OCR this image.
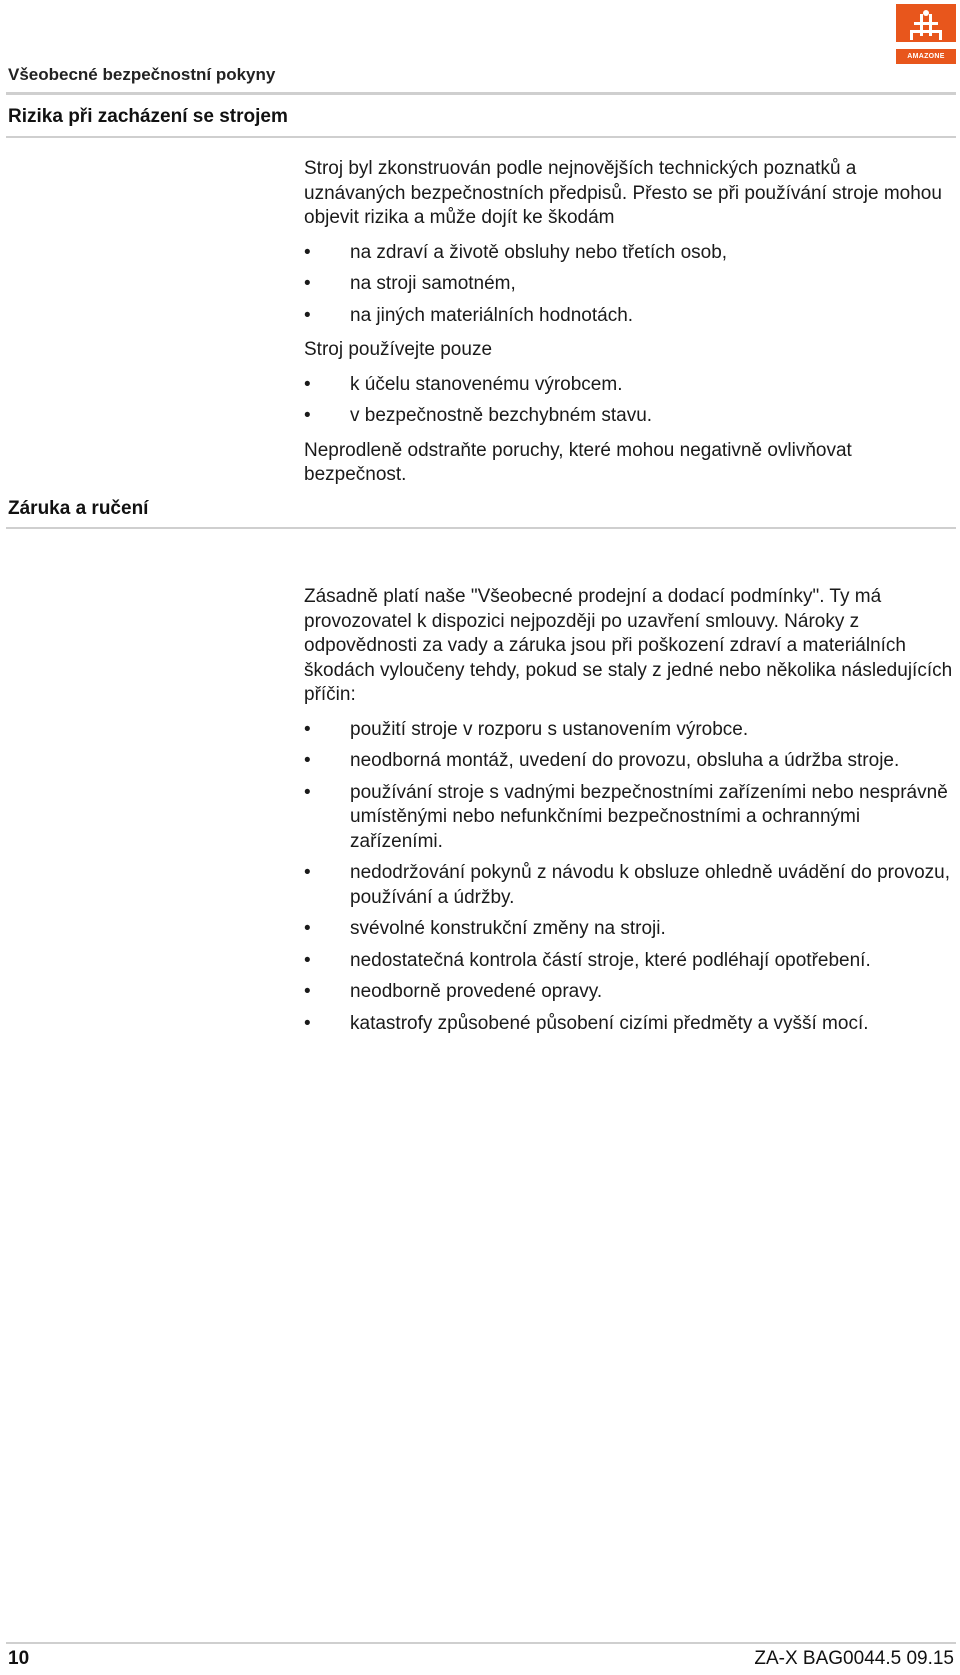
AMAZONE
Všeobecné bezpečnostní pokyny
Rizika při zacházení se strojem

Stroj byl zkonstruován podle nejnovějších technických poznatků a uznávaných bezpečnostních předpisů. Přesto se při používání stroje mohou objevit rizika a může dojít ke škodám

• na zdraví a životě obsluhy nebo třetích osob,
• na stroji samotném,
• na jiných materiálních hodnotách.

Stroj používejte pouze

• k účelu stanovenému výrobcem.
• v bezpečnostně bezchybném stavu.

Neprodleně odstraňte poruchy, které mohou negativně ovlivňovat bezpečnost.

Záruka a ručení

Zásadně platí naše "Všeobecné prodejní a dodací podmínky". Ty má provozovatel k dispozici nejpozději po uzavření smlouvy. Nároky z odpovědnosti za vady a záruka jsou při poškození zdraví a materiálních škodách vyloučeny tehdy, pokud se staly z jedné nebo několika následujících příčin:

• použití stroje v rozporu s ustanovením výrobce.
• neodborná montáž, uvedení do provozu, obsluha a údržba stroje.
• používání stroje s vadnými bezpečnostními zařízeními nebo nesprávně umístěnými nebo nefunkčními bezpečnostními a ochrannými zařízeními.
• nedodržování pokynů z návodu k obsluze ohledně uvádění do provozu, používání a údržby.
• svévolné konstrukční změny na stroji.
• nedostatečná kontrola částí stroje, které podléhají opotřebení.
• neodborně provedené opravy.
• katastrofy způsobené působení cizími předměty a vyšší mocí.
10	ZA-X BAG0044.5 09.15
